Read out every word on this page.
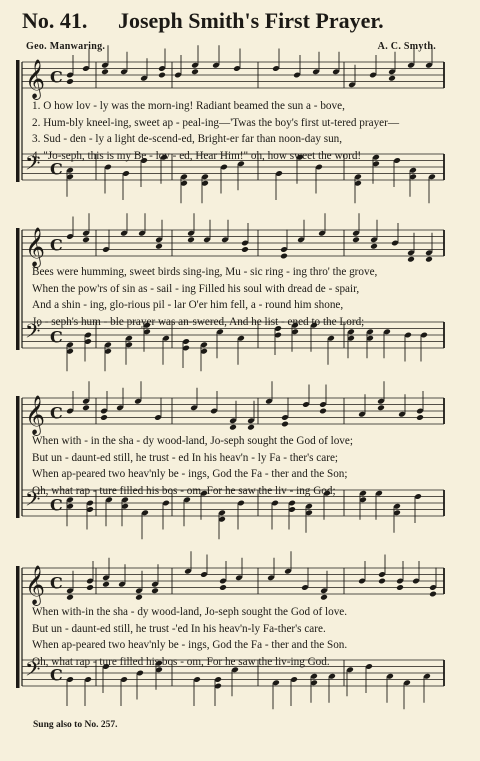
No. 41. Joseph Smith's First Prayer.
Geo. Manwaring.	A. C. Smyth.
𝄞 C
𝄢 C
1. O how lov - ly was the morn-ing! Radiant beamed the sun a - bove,
2. Hum-bly kneel-ing, sweet ap - peal-ing—'Twas the boy's first ut-tered prayer—
3. Sud - den - ly a light de-scend-ed, Bright-er far than noon-day sun,
4. "Jo-seph, this is my Be - lov - ed, Hear Him!" oh, how sweet the word!
𝄞 C
𝄢 C
Bees were humming, sweet birds sing-ing, Mu - sic ring - ing thro' the grove,
When the pow'rs of sin as - sail - ing Filled his soul with dread de - spair,
And a shin - ing, glo-rious pil - lar O'er him fell, a - round him shone,
Jo - seph's hum - ble prayer was an-swered, And he list - ened to the Lord;
𝄞 C
𝄢 C
When with - in the sha - dy wood-land, Jo-seph sought the God of love;
But un - daunt-ed still, he trust - ed In his heav'n - ly Fa - ther's care;
When ap-peared two heav'nly be - ings, God the Fa - ther and the Son;
Oh, what rap - ture filled his bos - om, For he saw the liv - ing God;
𝄞 C
𝄢 C
When with-in the sha - dy wood-land, Jo-seph sought the God of love.
But un - daunt-ed still, he trust -'ed In his heav'n-ly Fa-ther's care.
When ap-peared two heav'nly be - ings, God the Fa - ther and the Son.
Oh, what rap - ture filled his bos - om, For he saw the liv-ing God.
Sung also to No. 257.
